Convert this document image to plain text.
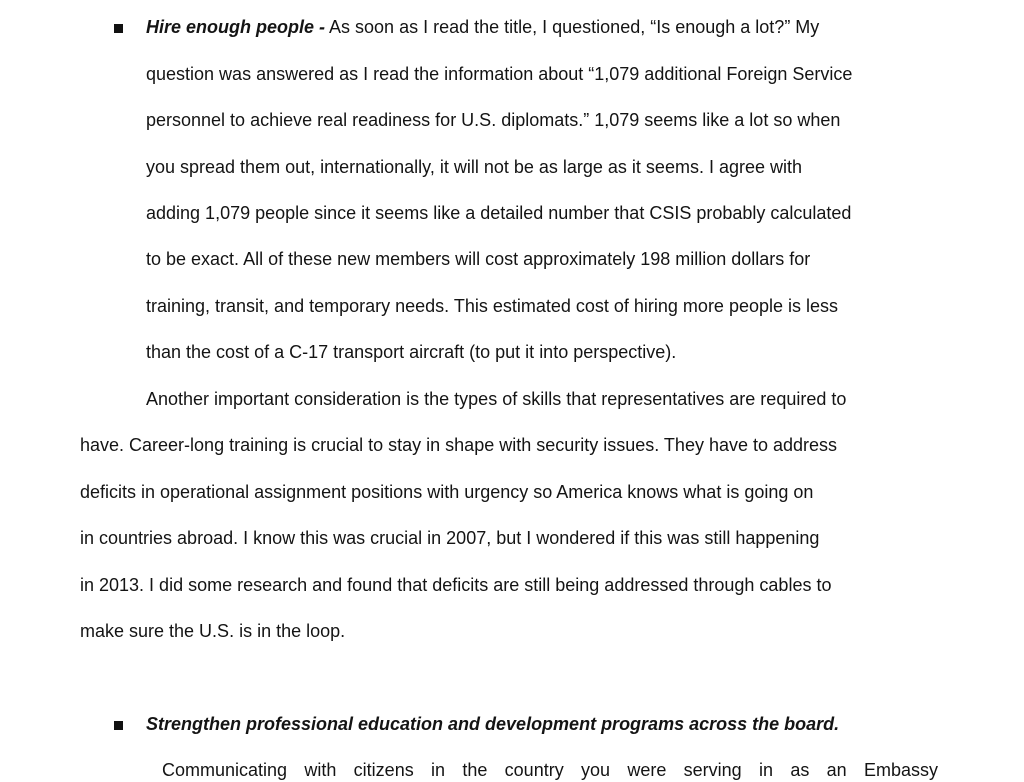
Hire enough people - As soon as I read the title, I questioned, “Is enough a lot?” My
question was answered as I read the information about “1,079 additional Foreign Service
personnel to achieve real readiness for U.S. diplomats.” 1,079 seems like a lot so when
you spread them out, internationally, it will not be as large as it seems. I agree with
adding 1,079 people since it seems like a detailed number that CSIS probably calculated
to be exact. All of these new members will cost approximately 198 million dollars for
training, transit, and temporary needs. This estimated cost of hiring more people is less
than the cost of a C-17 transport aircraft (to put it into perspective).
Another important consideration is the types of skills that representatives are required to
have. Career-long training is crucial to stay in shape with security issues. They have to address
deficits in operational assignment positions with urgency so America knows what is going on
in countries abroad. I know this was crucial in 2007, but I wondered if this was still happening
in 2013. I did some research and found that deficits are still being addressed through cables to
make sure the U.S. is in the loop.
Strengthen professional education and development programs across the board.
Communicating with citizens in the country you were serving in as an Embassy
